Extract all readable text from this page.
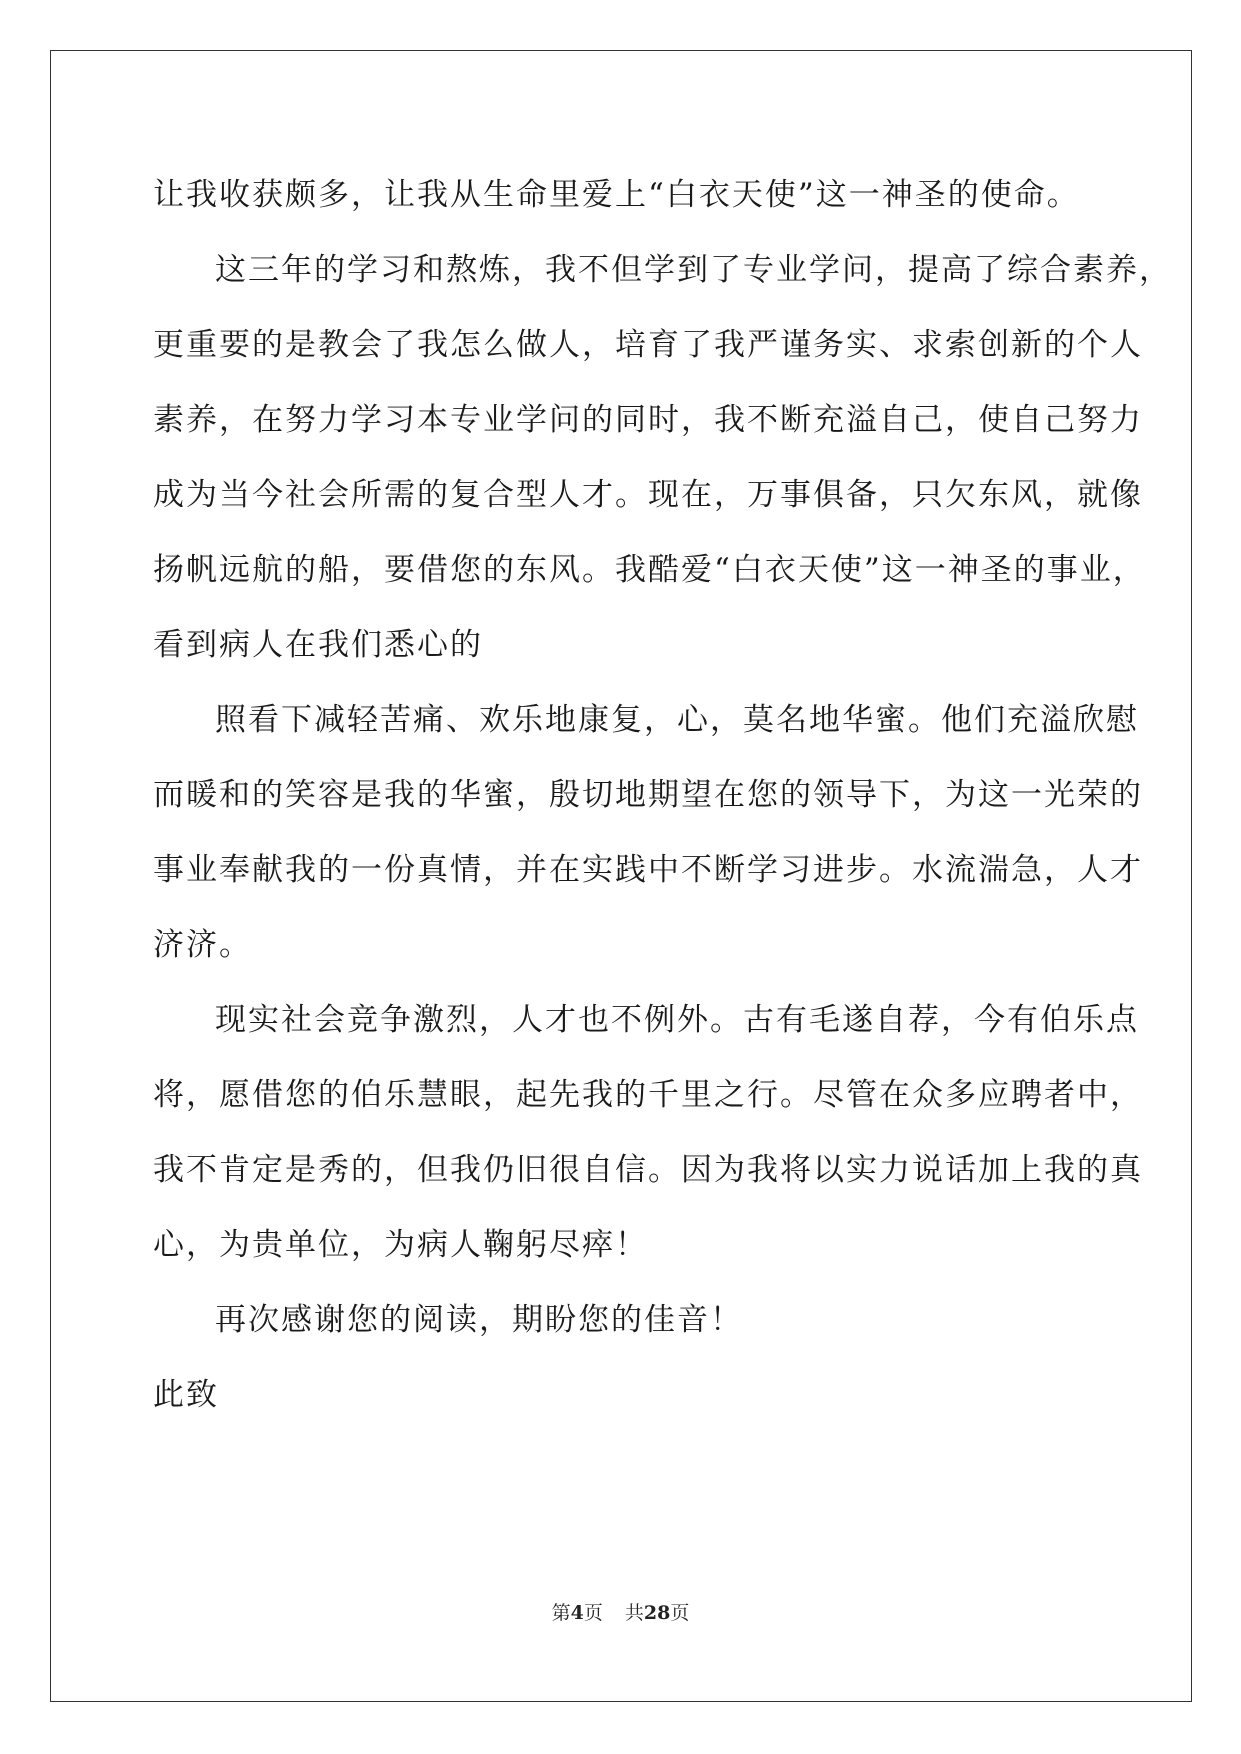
让我收获颇多，让我从生命里爱上“白衣天使”这一神圣的使命。
这三年的学习和熬炼，我不但学到了专业学问，提高了综合素养，
更重要的是教会了我怎么做人，培育了我严谨务实、求索创新的个人
素养，在努力学习本专业学问的同时，我不断充溢自己，使自己努力
成为当今社会所需的复合型人才。现在，万事俱备，只欠东风，就像
扬帆远航的船，要借您的东风。我酷爱“白衣天使”这一神圣的事业，
看到病人在我们悉心的
照看下减轻苦痛、欢乐地康复，心，莫名地华蜜。他们充溢欣慰
而暖和的笑容是我的华蜜，殷切地期望在您的领导下，为这一光荣的
事业奉献我的一份真情，并在实践中不断学习进步。水流湍急，人才
济济。
现实社会竞争激烈，人才也不例外。古有毛遂自荐，今有伯乐点
将，愿借您的伯乐慧眼，起先我的千里之行。尽管在众多应聘者中，
我不肯定是秀的，但我仍旧很自信。因为我将以实力说话加上我的真
心，为贵单位，为病人鞠躬尽瘁！
再次感谢您的阅读，期盼您的佳音！
此致
第4页 共28页
